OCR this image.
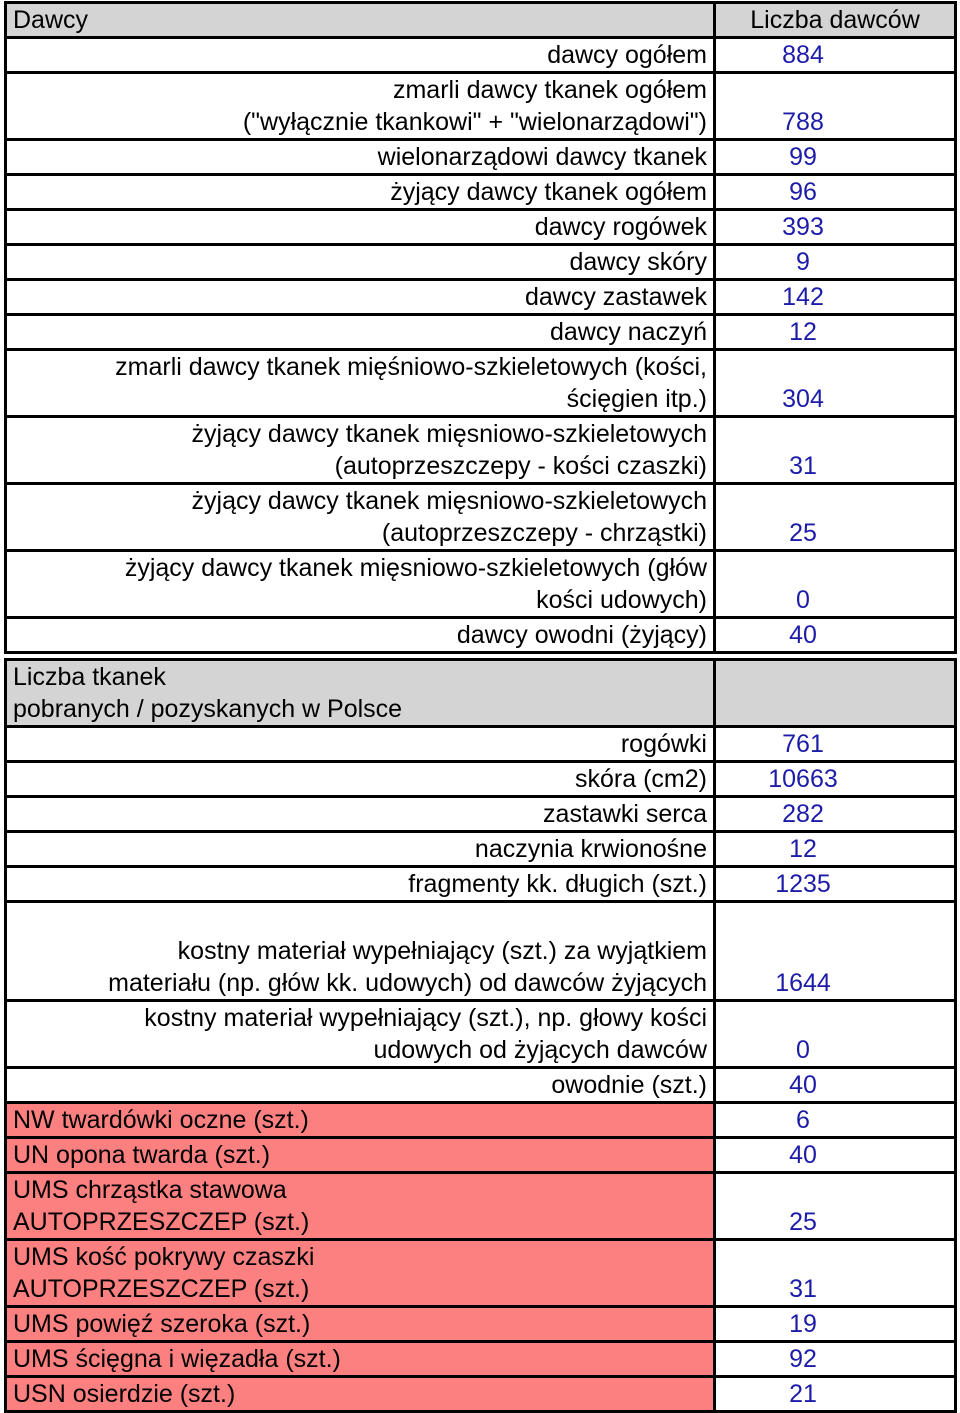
Dawcy	Liczba dawców
dawcy ogółem	884
zmarli dawcy tkanek ogółem
("wyłącznie tkankowi" + "wielonarządowi")	788
wielonarządowi dawcy tkanek	99
żyjący dawcy tkanek ogółem	96
dawcy rogówek	393
dawcy skóry	9
dawcy zastawek	142
dawcy naczyń	12
zmarli dawcy tkanek mięśniowo-szkieletowych (kości,
ścięgien itp.)	304
żyjący dawcy tkanek mięsniowo-szkieletowych
(autoprzeszczepy - kości czaszki)	31
żyjący dawcy tkanek mięsniowo-szkieletowych
(autoprzeszczepy - chrząstki)	25
żyjący dawcy tkanek mięsniowo-szkieletowych (głów
kości udowych)	0
dawcy owodni (żyjący)	40
Liczba tkanek
pobranych / pozyskanych w Polsce	
rogówki	761
skóra (cm2)	10663
zastawki serca	282
naczynia krwionośne	12
fragmenty kk. długich (szt.)	1235

kostny materiał wypełniający (szt.) za wyjątkiem
materiału (np. głów kk. udowych) od dawców żyjących	1644
kostny materiał wypełniający (szt.), np. głowy kości
udowych od żyjących dawców	0
owodnie (szt.)	40
NW twardówki oczne (szt.)	6
UN opona twarda (szt.)	40
UMS chrząstka stawowa
AUTOPRZESZCZEP (szt.)	25
UMS kość pokrywy czaszki
AUTOPRZESZCZEP (szt.)	31
UMS powięź szeroka (szt.)	19
UMS ścięgna i więzadła (szt.)	92
USN osierdzie (szt.)	21
